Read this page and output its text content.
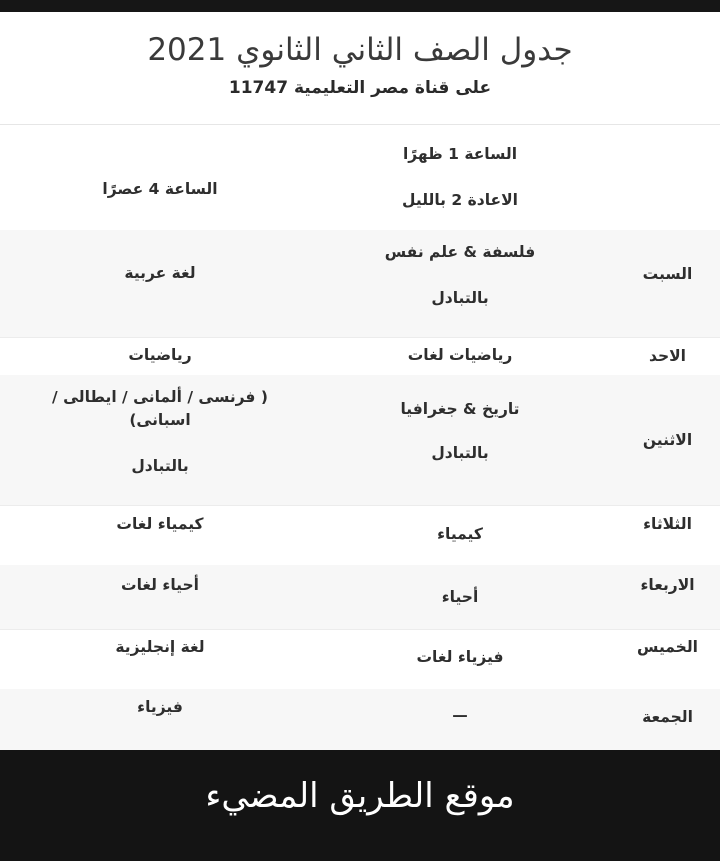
جدول الصف الثاني الثانوي 2021
على قناة مصر التعليمية 11747
الساعة 1 ظهرًا
الاعادة 2 بالليل
الساعة 4 عصرًا
السبت
فلسفة & علم نفس
بالتبادل
لغة عربية
الاحد
رياضيات لغات
رياضيات
الاثنين
تاريخ & جغرافيا
بالتبادل
( فرنسى / ألمانى / ايطالى /
اسبانى)
بالتبادل
الثلاثاء
كيمياء
كيمياء لغات
الاربعاء
أحياء
أحياء لغات
الخميس
فيزياء لغات
لغة إنجليزية
الجمعة
—
فيزياء
موقع الطريق المضيء
